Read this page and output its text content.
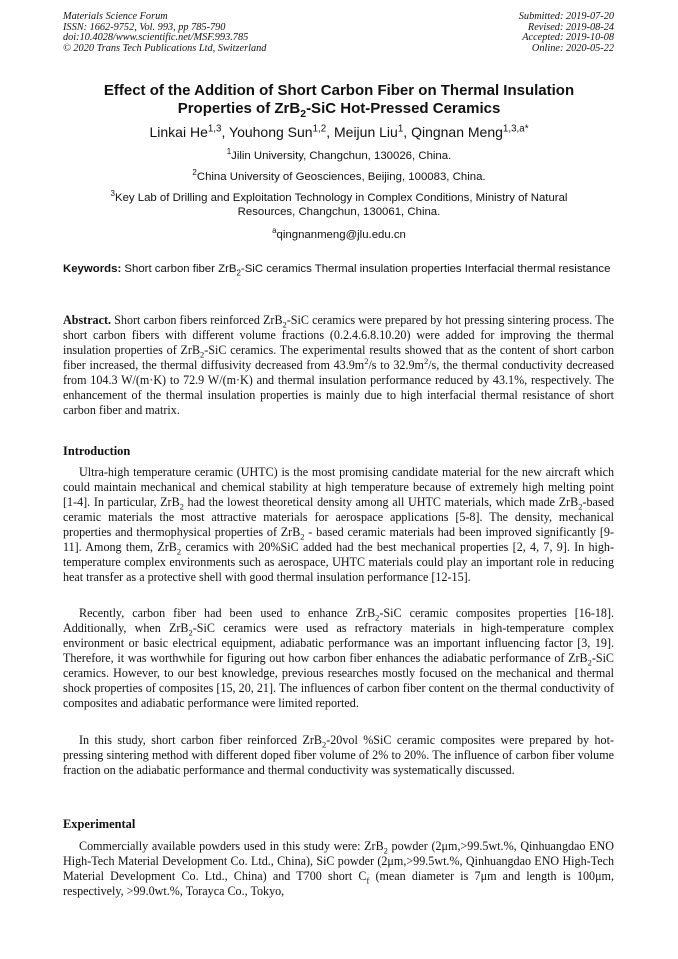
Materials Science Forum
ISSN: 1662-9752, Vol. 993, pp 785-790
doi:10.4028/www.scientific.net/MSF.993.785
© 2020 Trans Tech Publications Ltd, Switzerland
Submitted: 2019-07-20
Revised: 2019-08-24
Accepted: 2019-10-08
Online: 2020-05-22
Effect of the Addition of Short Carbon Fiber on Thermal Insulation
Properties of ZrB$_2$-SiC Hot-Pressed Ceramics
Linkai He$^{1,3}$, Youhong Sun$^{1,2}$, Meijun Liu$^1$, Qingnan Meng$^{1,3,a*}$
$^1$Jilin University, Changchun, 130026, China.
$^2$China University of Geosciences, Beijing, 100083, China.
$^3$Key Lab of Drilling and Exploitation Technology in Complex Conditions, Ministry of Natural
Resources, Changchun, 130061, China.
$^a$qingnanmeng@jlu.edu.cn
Keywords: Short carbon fiber ZrB$_2$-SiC ceramics Thermal insulation properties Interfacial thermal resistance
Abstract. Short carbon fibers reinforced ZrB$_2$-SiC ceramics were prepared by hot pressing sintering process. The short carbon fibers with different volume fractions (0.2.4.6.8.10.20) were added for improving the thermal insulation properties of ZrB$_2$-SiC ceramics. The experimental results showed that as the content of short carbon fiber increased, the thermal diffusivity decreased from $43.9m^2/s$ to $32.9m^2/s$, the thermal conductivity decreased from 104.3 W/(m·K) to 72.9 W/(m·K) and thermal insulation performance reduced by 43.1%, respectively. The enhancement of the thermal insulation properties is mainly due to high interfacial thermal resistance of short carbon fiber and matrix.
Introduction
Ultra-high temperature ceramic (UHTC) is the most promising candidate material for the new aircraft which could maintain mechanical and chemical stability at high temperature because of extremely high melting point [1-4]. In particular, ZrB$_2$ had the lowest theoretical density among all UHTC materials, which made ZrB$_2$-based ceramic materials the most attractive materials for aerospace applications [5-8]. The density, mechanical properties and thermophysical properties of ZrB$_2$ - based ceramic materials had been improved significantly [9-11]. Among them, ZrB$_2$ ceramics with 20%SiC added had the best mechanical properties [2, 4, 7, 9]. In high-temperature complex environments such as aerospace, UHTC materials could play an important role in reducing heat transfer as a protective shell with good thermal insulation performance [12-15].
Recently, carbon fiber had been used to enhance ZrB$_2$-SiC ceramic composites properties [16-18]. Additionally, when ZrB$_2$-SiC ceramics were used as refractory materials in high-temperature complex environment or basic electrical equipment, adiabatic performance was an important influencing factor [3, 19]. Therefore, it was worthwhile for figuring out how carbon fiber enhances the adiabatic performance of ZrB$_2$-SiC ceramics. However, to our best knowledge, previous researches mostly focused on the mechanical and thermal shock properties of composites [15, 20, 21]. The influences of carbon fiber content on the thermal conductivity of composites and adiabatic performance were limited reported.
In this study, short carbon fiber reinforced ZrB$_2$-20vol %SiC ceramic composites were prepared by hot-pressing sintering method with different doped fiber volume of 2% to 20%. The influence of carbon fiber volume fraction on the adiabatic performance and thermal conductivity was systematically discussed.
Experimental
Commercially available powders used in this study were: ZrB$_2$ powder (2μm,>99.5wt.%, Qinhuangdao ENO High-Tech Material Development Co. Ltd., China), SiC powder (2μm,>99.5wt.%, Qinhuangdao ENO High-Tech Material Development Co. Ltd., China) and T700 short $C_f$ (mean diameter is 7μm and length is 100μm, respectively, >99.0wt.%, Torayca Co., Tokyo,
